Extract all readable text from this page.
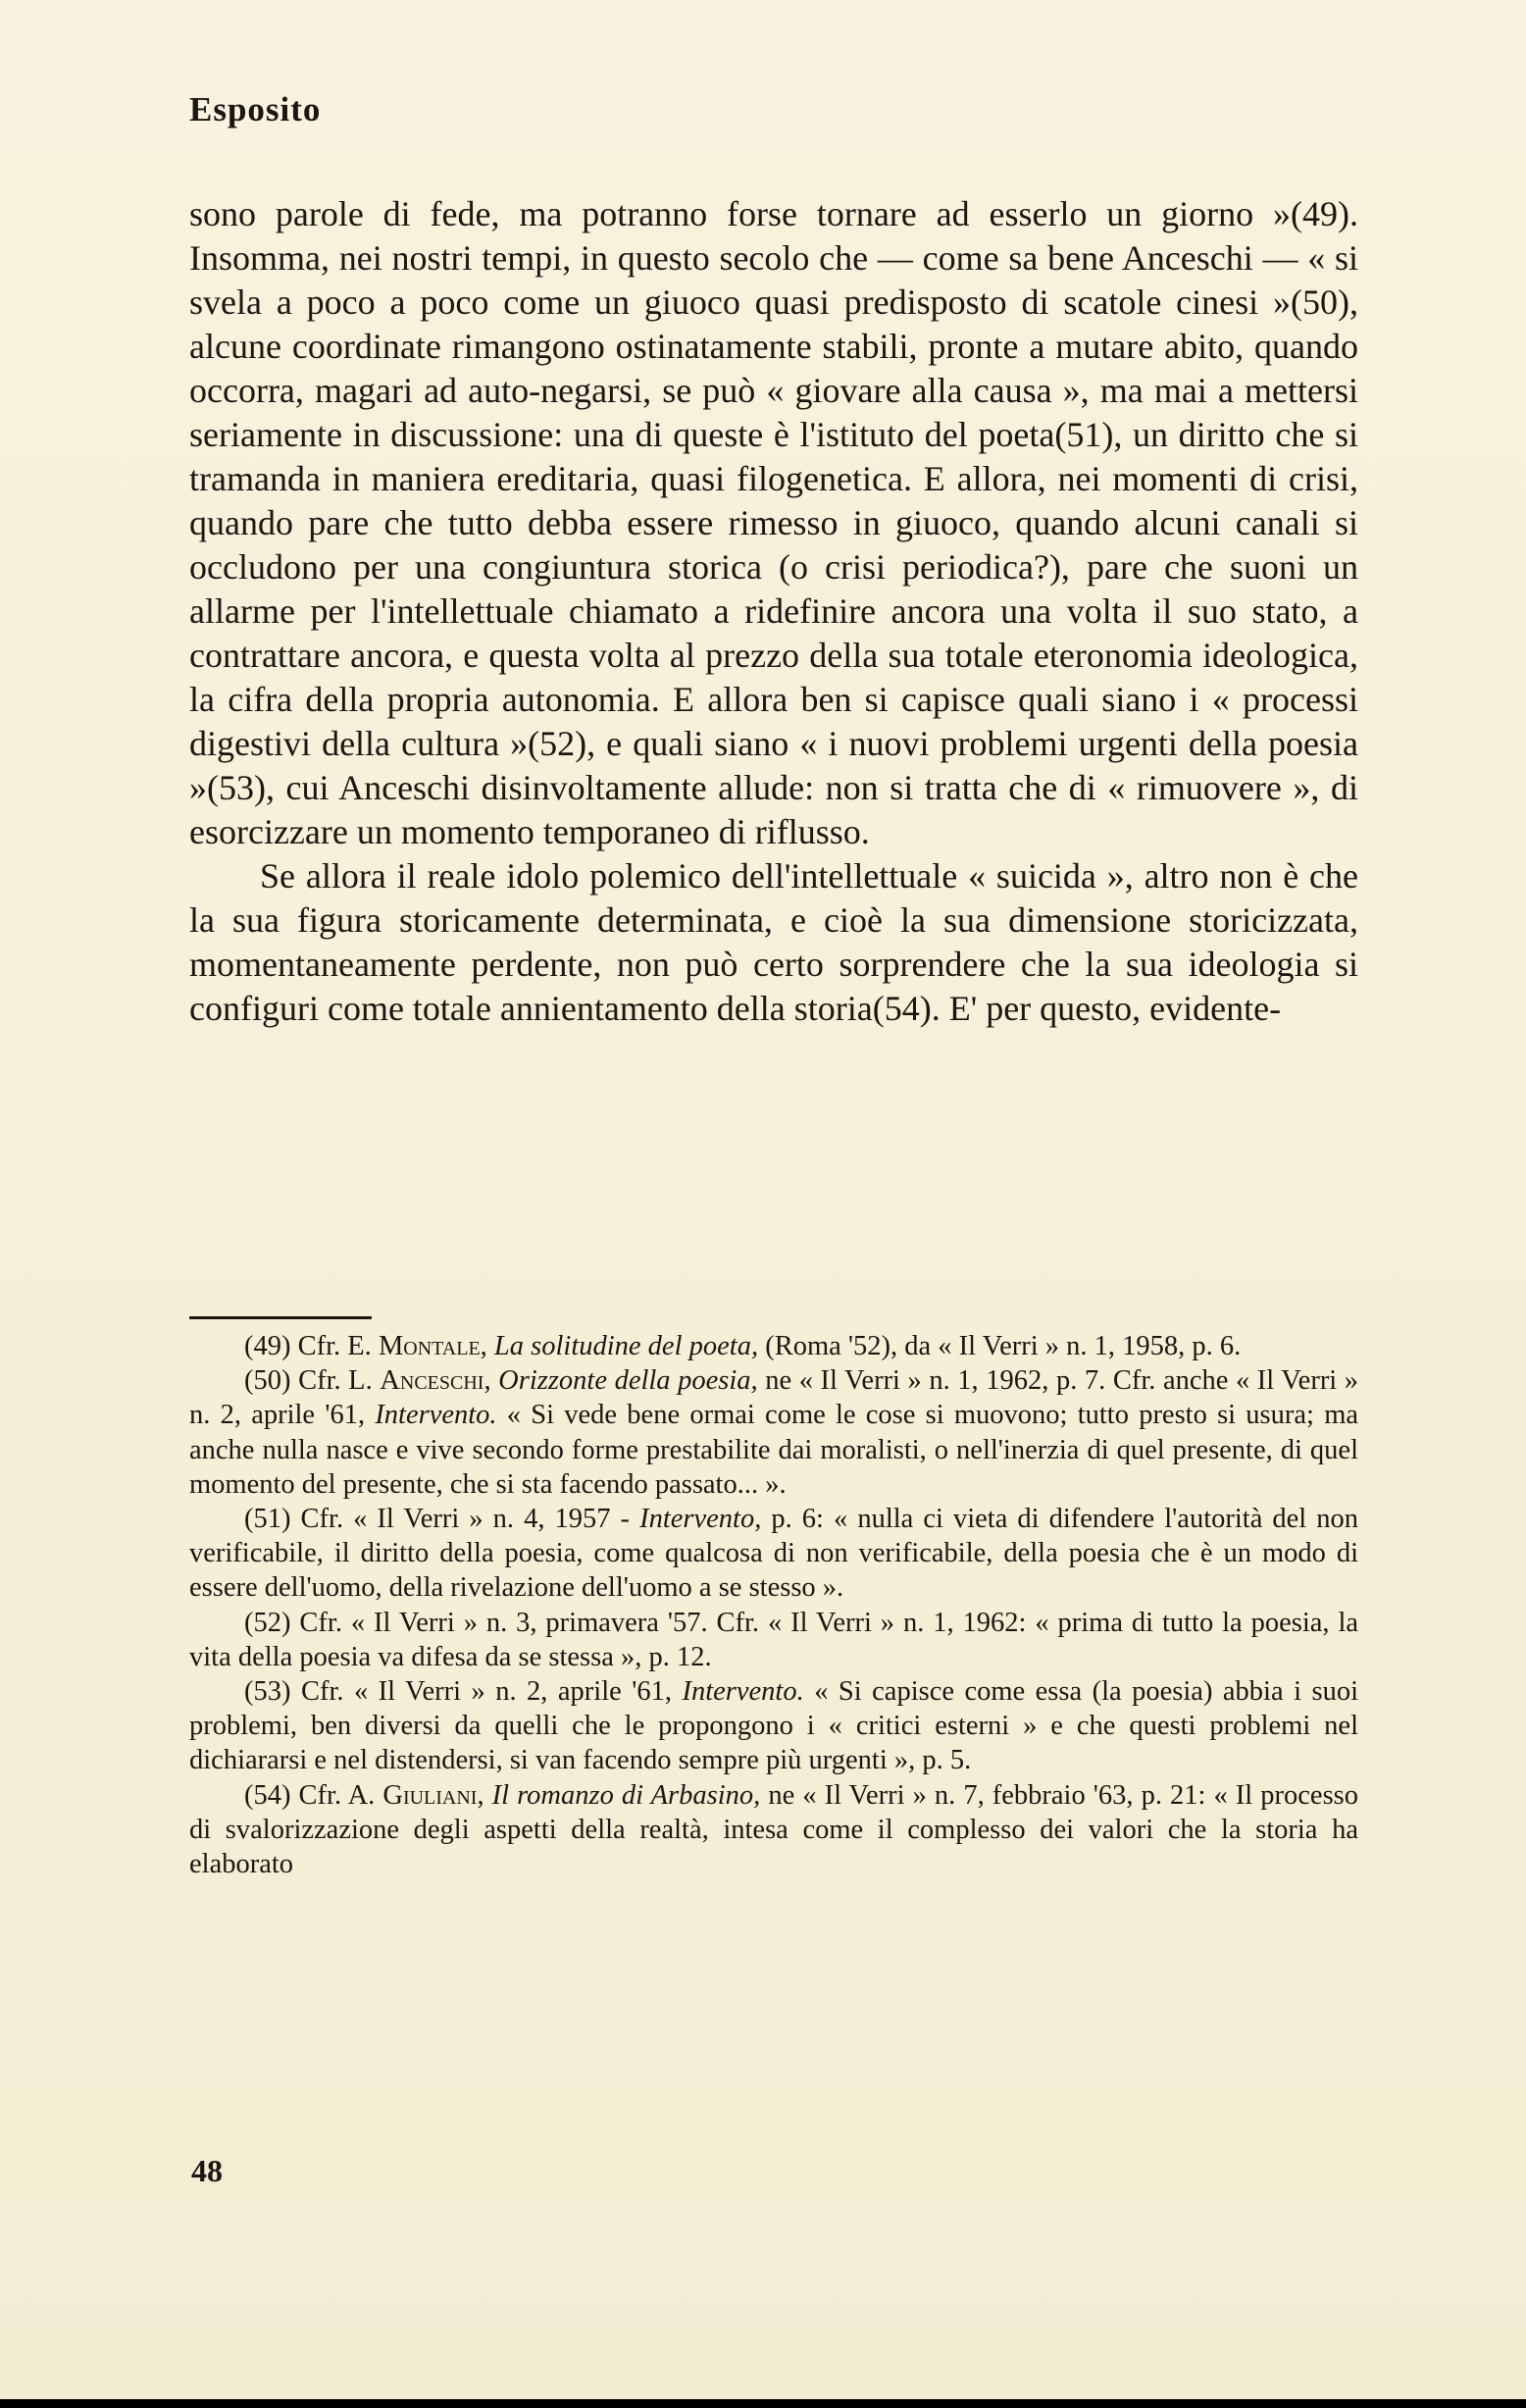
Esposito

sono parole di fede, ma potranno forse tornare ad esserlo un giorno »(49). Insomma, nei nostri tempi, in questo secolo che — come sa bene Anceschi — « si svela a poco a poco come un giuoco quasi predisposto di scatole cinesi »(50), alcune coordinate rimangono ostinatamente stabili, pronte a mutare abito, quando occorra, magari ad auto-negarsi, se può « giovare alla causa », ma mai a mettersi seriamente in discussione: una di queste è l'istituto del poeta(51), un diritto che si tramanda in maniera ereditaria, quasi filogenetica. E allora, nei momenti di crisi, quando pare che tutto debba essere rimesso in giuoco, quando alcuni canali si occludono per una congiuntura storica (o crisi periodica?), pare che suoni un allarme per l'intellettuale chiamato a ridefinire ancora una volta il suo stato, a contrattare ancora, e questa volta al prezzo della sua totale eteronomia ideologica, la cifra della propria autonomia. E allora ben si capisce quali siano i « processi digestivi della cultura »(52), e quali siano « i nuovi problemi urgenti della poesia »(53), cui Anceschi disinvoltamente allude: non si tratta che di « rimuovere », di esorcizzare un momento temporaneo di riflusso.

Se allora il reale idolo polemico dell'intellettuale « suicida », altro non è che la sua figura storicamente determinata, e cioè la sua dimensione storicizzata, momentaneamente perdente, non può certo sorprendere che la sua ideologia si configuri come totale annientamento della storia(54). E' per questo, evidente-

(49) Cfr. E. Montale, La solitudine del poeta, (Roma '52), da « Il Verri » n. 1, 1958, p. 6.

(50) Cfr. L. Anceschi, Orizzonte della poesia, ne « Il Verri » n. 1, 1962, p. 7. Cfr. anche « Il Verri » n. 2, aprile '61, Intervento. « Si vede bene ormai come le cose si muovono; tutto presto si usura; ma anche nulla nasce e vive secondo forme prestabilite dai moralisti, o nell'inerzia di quel presente, di quel momento del presente, che si sta facendo passato... ».

(51) Cfr. « Il Verri » n. 4, 1957 - Intervento, p. 6: « nulla ci vieta di difendere l'autorità del non verificabile, il diritto della poesia, come qualcosa di non verificabile, della poesia che è un modo di essere dell'uomo, della rivelazione dell'uomo a se stesso ».

(52) Cfr. « Il Verri » n. 3, primavera '57. Cfr. « Il Verri » n. 1, 1962: « prima di tutto la poesia, la vita della poesia va difesa da se stessa », p. 12.

(53) Cfr. « Il Verri » n. 2, aprile '61, Intervento. « Si capisce come essa (la poesia) abbia i suoi problemi, ben diversi da quelli che le propongono i « critici esterni » e che questi problemi nel dichiararsi e nel distendersi, si van facendo sempre più urgenti », p. 5.

(54) Cfr. A. Giuliani, Il romanzo di Arbasino, ne « Il Verri » n. 7, febbraio '63, p. 21: « Il processo di svalorizzazione degli aspetti della realtà, intesa come il complesso dei valori che la storia ha elaborato

48
